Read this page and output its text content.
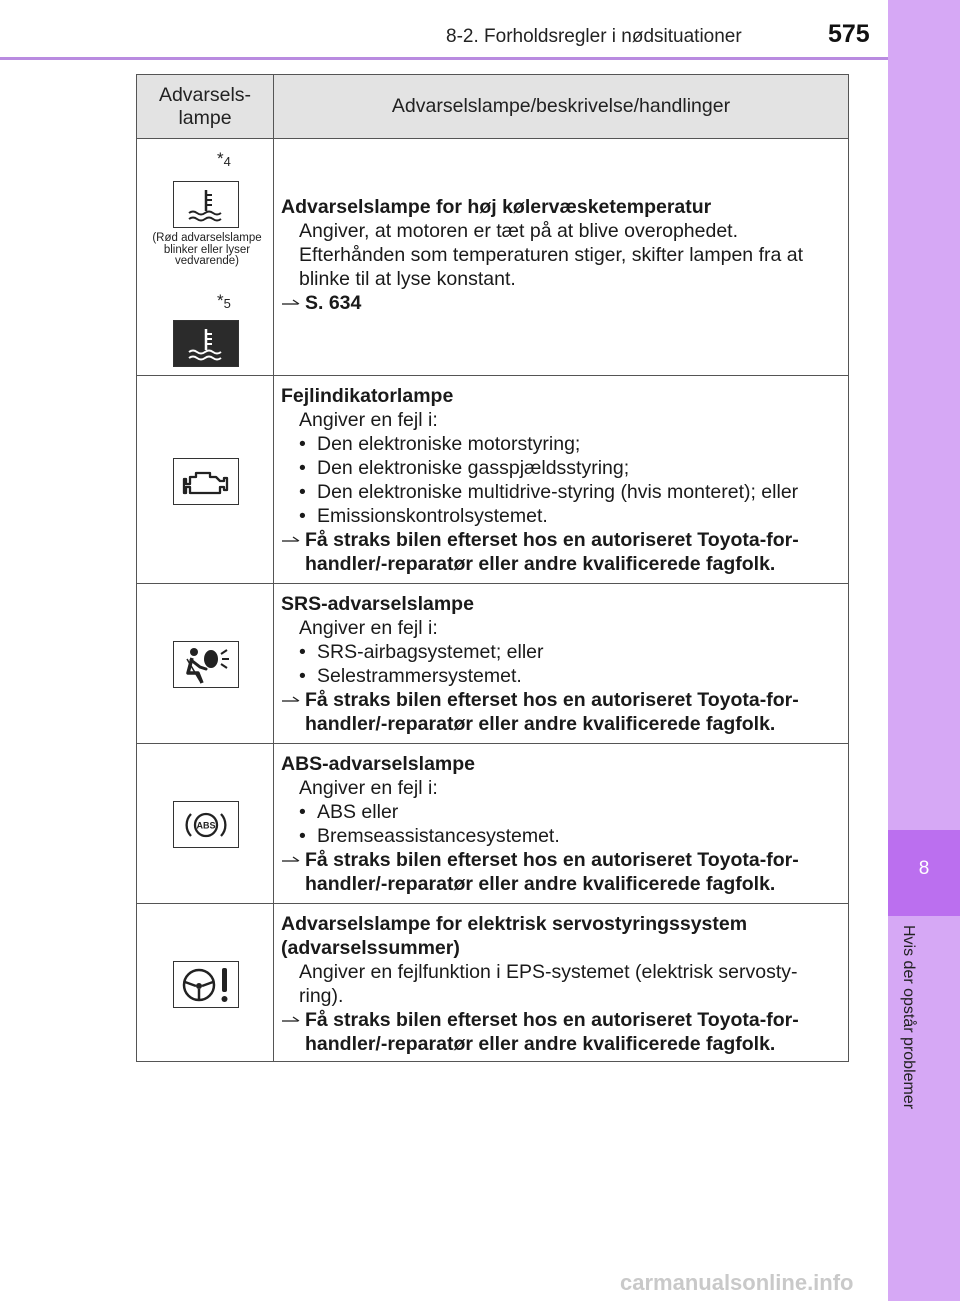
8-2. Forholdsregler i nødsituationer	575
8
Hvis der opstår problemer
Advarsels-
lampe
Advarselslampe/beskrivelse/handlinger
$*_4$
(Rød advarselslampe blinker eller lyser vedvarende)
$*_5$
Advarselslampe for høj kølervæsketemperatur
Angiver, at motoren er tæt på at blive overophedet. Efterhånden som temperaturen stiger, skifter lampen fra at blinke til at lyse konstant.
S. 634
Fejlindikatorlampe
Angiver en fejl i:
• Den elektroniske motorstyring;
• Den elektroniske gasspjældsstyring;
• Den elektroniske multidrive-styring (hvis monteret); eller
• Emissionskontrolsystemet.
Få straks bilen efterset hos en autoriseret Toyota-for-
handler/-reparatør eller andre kvalificerede fagfolk.
SRS-advarselslampe
Angiver en fejl i:
• SRS-airbagsystemet; eller
• Selestrammersystemet.
Få straks bilen efterset hos en autoriseret Toyota-for-
handler/-reparatør eller andre kvalificerede fagfolk.
ABS
ABS-advarselslampe
Angiver en fejl i:
• ABS eller
• Bremseassistancesystemet.
Få straks bilen efterset hos en autoriseret Toyota-for-
handler/-reparatør eller andre kvalificerede fagfolk.
Advarselslampe for elektrisk servostyringssystem
(advarselssummer)
Angiver en fejlfunktion i EPS-systemet (elektrisk servosty-
ring).
Få straks bilen efterset hos en autoriseret Toyota-for-
handler/-reparatør eller andre kvalificerede fagfolk.
carmanualsonline.info
